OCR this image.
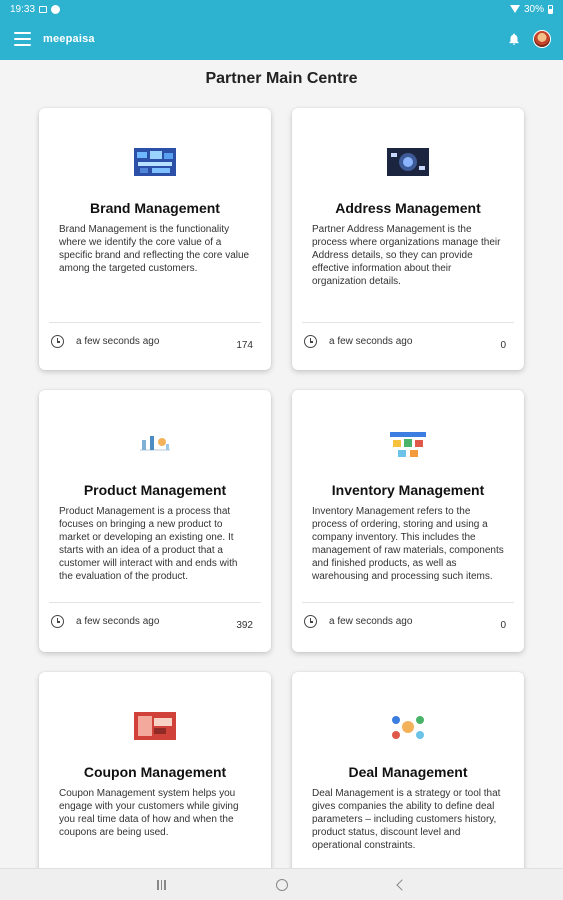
19:33	30%
meepaisa
Partner Main Centre
Brand Management
Brand Management is the functionality where we identify the core value of a specific brand and reflecting the core value among the targeted customers.
a few seconds ago	174
Address Management
Partner Address Management is the process where organizations manage their Address details, so they can provide effective information about their organization details.
a few seconds ago	0
Product Management
Product Management is a process that focuses on bringing a new product to market or developing an existing one. It starts with an idea of a product that a customer will interact with and ends with the evaluation of the product.
a few seconds ago	392
Inventory Management
Inventory Management refers to the process of ordering, storing and using a company inventory. This includes the management of raw materials, components and finished products, as well as warehousing and processing such items.
a few seconds ago	0
Coupon Management
Coupon Management system helps you engage with your customers while giving you real time data of how and when the coupons are being used.
Deal Management
Deal Management is a strategy or tool that gives companies the ability to define deal parameters – including customers history, product status, discount level and operational constraints.
